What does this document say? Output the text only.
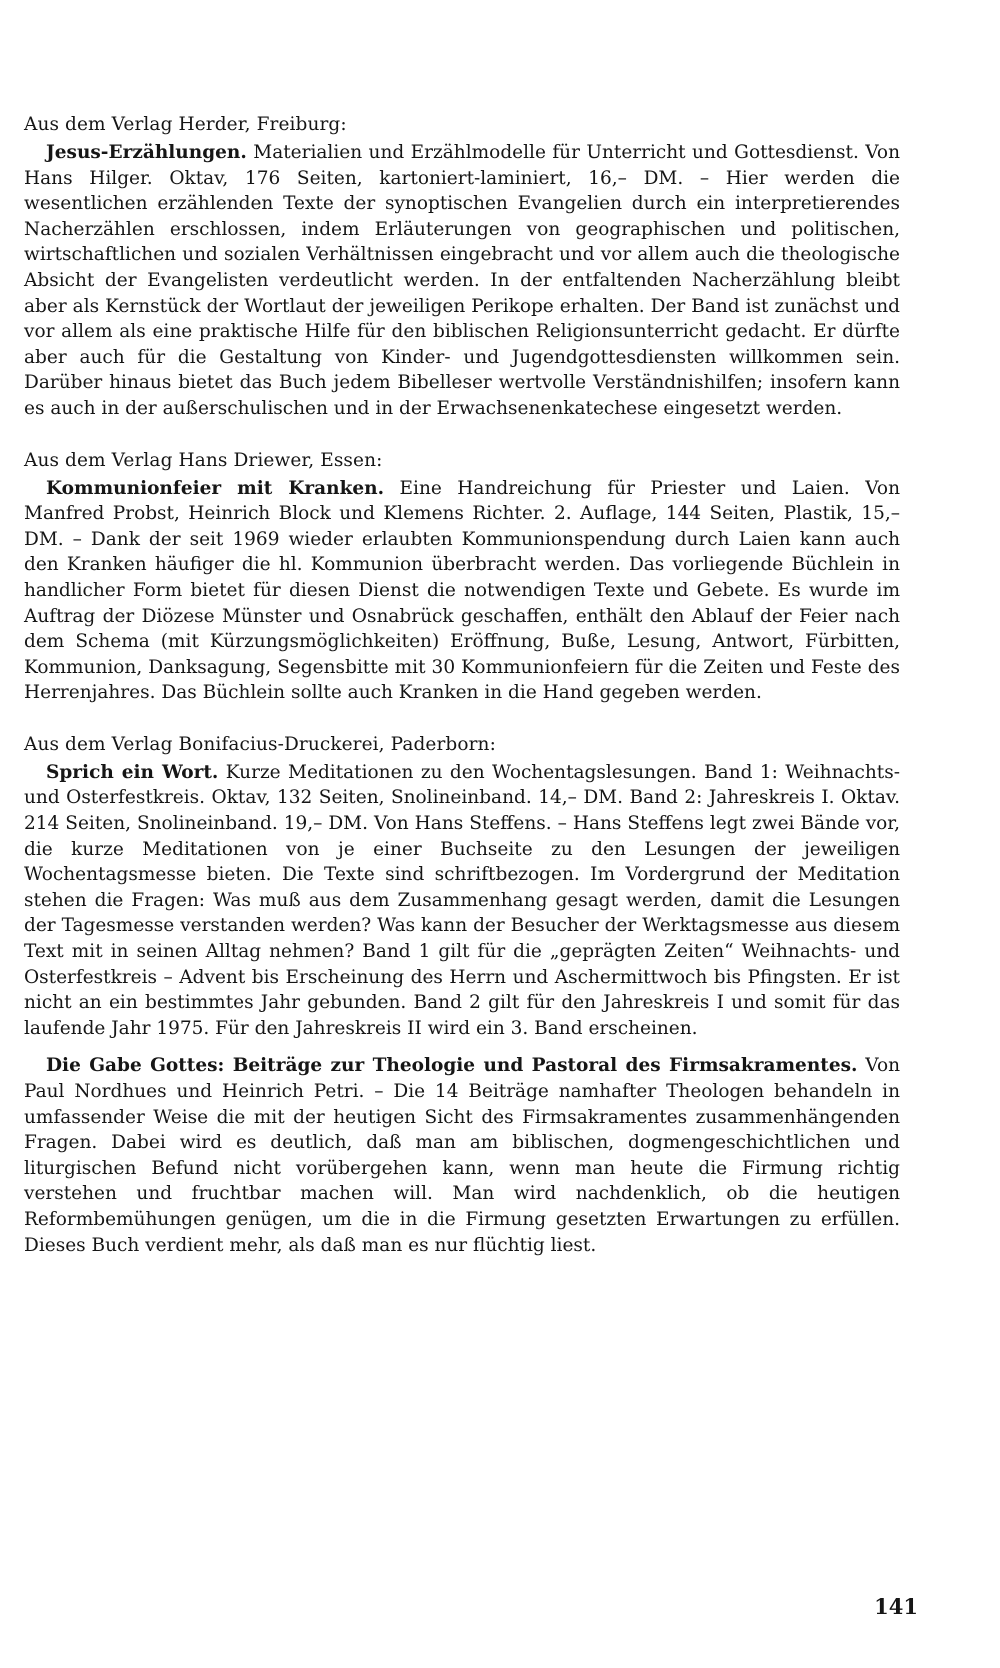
Aus dem Verlag Herder, Freiburg:

Jesus-Erzählungen. Materialien und Erzählmodelle für Unterricht und Gottesdienst. Von Hans Hilger. Oktav, 176 Seiten, kartoniert-laminiert, 16,– DM. – Hier werden die wesentlichen erzählenden Texte der synoptischen Evangelien durch ein interpretierendes Nacherzählen erschlossen, indem Erläuterungen von geographischen und politischen, wirtschaftlichen und sozialen Verhältnissen eingebracht und vor allem auch die theologische Absicht der Evangelisten verdeutlicht werden. In der entfaltenden Nacherzählung bleibt aber als Kernstück der Wortlaut der jeweiligen Perikope erhalten. Der Band ist zunächst und vor allem als eine praktische Hilfe für den biblischen Religionsunterricht gedacht. Er dürfte aber auch für die Gestaltung von Kinder- und Jugendgottesdiensten willkommen sein. Darüber hinaus bietet das Buch jedem Bibelleser wertvolle Verständnishilfen; insofern kann es auch in der außerschulischen und in der Erwachsenenkatechese eingesetzt werden.

Aus dem Verlag Hans Driewer, Essen:

Kommunionfeier mit Kranken. Eine Handreichung für Priester und Laien. Von Manfred Probst, Heinrich Block und Klemens Richter. 2. Auflage, 144 Seiten, Plastik, 15,– DM. – Dank der seit 1969 wieder erlaubten Kommunionspendung durch Laien kann auch den Kranken häufiger die hl. Kommunion überbracht werden. Das vorliegende Büchlein in handlicher Form bietet für diesen Dienst die notwendigen Texte und Gebete. Es wurde im Auftrag der Diözese Münster und Osnabrück geschaffen, enthält den Ablauf der Feier nach dem Schema (mit Kürzungsmöglichkeiten) Eröffnung, Buße, Lesung, Antwort, Fürbitten, Kommunion, Danksagung, Segensbitte mit 30 Kommunionfeiern für die Zeiten und Feste des Herrenjahres. Das Büchlein sollte auch Kranken in die Hand gegeben werden.

Aus dem Verlag Bonifacius-Druckerei, Paderborn:

Sprich ein Wort. Kurze Meditationen zu den Wochentagslesungen. Band 1: Weihnachts- und Osterfestkreis. Oktav, 132 Seiten, Snolineinband. 14,– DM. Band 2: Jahreskreis I. Oktav. 214 Seiten, Snolineinband. 19,– DM. Von Hans Steffens. – Hans Steffens legt zwei Bände vor, die kurze Meditationen von je einer Buchseite zu den Lesungen der jeweiligen Wochentagsmesse bieten. Die Texte sind schriftbezogen. Im Vordergrund der Meditation stehen die Fragen: Was muß aus dem Zusammenhang gesagt werden, damit die Lesungen der Tagesmesse verstanden werden? Was kann der Besucher der Werktagsmesse aus diesem Text mit in seinen Alltag nehmen? Band 1 gilt für die „geprägten Zeiten“ Weihnachts- und Osterfestkreis – Advent bis Erscheinung des Herrn und Aschermittwoch bis Pfingsten. Er ist nicht an ein bestimmtes Jahr gebunden. Band 2 gilt für den Jahreskreis I und somit für das laufende Jahr 1975. Für den Jahreskreis II wird ein 3. Band erscheinen.

Die Gabe Gottes: Beiträge zur Theologie und Pastoral des Firmsakramentes. Von Paul Nordhues und Heinrich Petri. – Die 14 Beiträge namhafter Theologen behandeln in umfassender Weise die mit der heutigen Sicht des Firmsakramentes zusammenhängenden Fragen. Dabei wird es deutlich, daß man am biblischen, dogmengeschichtlichen und liturgischen Befund nicht vorübergehen kann, wenn man heute die Firmung richtig verstehen und fruchtbar machen will. Man wird nachdenklich, ob die heutigen Reformbemühungen genügen, um die in die Firmung gesetzten Erwartungen zu erfüllen. Dieses Buch verdient mehr, als daß man es nur flüchtig liest.

141
